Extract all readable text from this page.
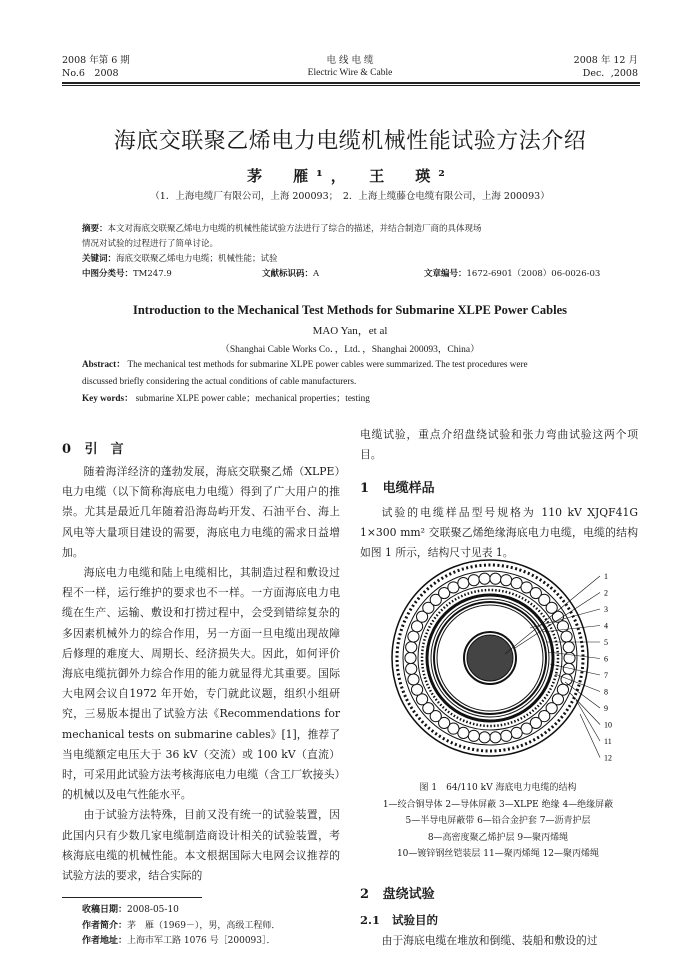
2008 年第 6 期
No.6　2008
电 线 电 缆
Electric Wire & Cable
2008 年 12 月
Dec．,2008
海底交联聚乙烯电力电缆机械性能试验方法介绍
茅　雁¹，　王　瑛²
（1．上海电缆厂有限公司，上海 200093；　2．上海上缆藤仓电缆有限公司，上海 200093）
摘要：本文对海底交联聚乙烯电力电缆的机械性能试验方法进行了综合的描述，并结合制造厂商的具体现场
情况对试验的过程进行了简单讨论。
关键词：海底交联聚乙烯电力电缆；机械性能；试验
中图分类号：TM247.9	文献标识码：A	文章编号：1672-6901（2008）06-0026-03
Introduction to the Mechanical Test Methods for Submarine XLPE Power Cables
MAO Yan，et al
（Shanghai Cable Works Co．，Ltd．，Shanghai 200093，China）
Abstract： The mechanical test methods for submarine XLPE power cables were summarized. The test procedures were
discussed briefly considering the actual conditions of cable manufacturers.
Key words： submarine XLPE power cable；mechanical properties；testing
0 引　言

随着海洋经济的蓬勃发展，海底交联聚乙烯（XLPE）电力电缆（以下简称海底电力电缆）得到了广大用户的推崇。尤其是最近几年随着沿海岛屿开发、石油平台、海上风电等大量项目建设的需要，海底电力电缆的需求日益增加。

海底电力电缆和陆上电缆相比，其制造过程和敷设过程不一样，运行维护的要求也不一样。一方面海底电力电缆在生产、运输、敷设和打捞过程中，会受到错综复杂的多因素机械外力的综合作用，另一方面一旦电缆出现故障后修理的难度大、周期长、经济损失大。因此，如何评价海底电缆抗御外力综合作用的能力就显得尤其重要。国际大电网会议自1972 年开始，专门就此议题，组织小组研究，三易版本提出了试验方法《Recommendations for mechanical tests on submarine cables》[1]，推荐了当电缆额定电压大于 36 kV（交流）或 100 kV（直流）时，可采用此试验方法考核海底电力电缆（含工厂软接头）的机械以及电气性能水平。

由于试验方法特殊，目前又没有统一的试验装置，因此国内只有少数几家电缆制造商设计相关的试验装置，考核海底电缆的机械性能。本文根据国际大电网会议推荐的试验方法的要求，结合实际的

收稿日期：2008-05-10
作者简介：茅　雁（1969－），男，高级工程师．
作者地址：上海市军工路 1076 号［200093］．
电缆试验，重点介绍盘绕试验和张力弯曲试验这两个项目。
1 电缆样品

试验的电缆样品型号规格为 110 kV XJQF41G 1×300 mm² 交联聚乙烯绝缘海底电力电缆，电缆的结构如图 1 所示，结构尺寸见表 1。

1
2
3
4
5
6
7
8
9
10
11
12
图 1　64/110 kV 海底电力电缆的结构
1—绞合铜导体 2—导体屏蔽 3—XLPE 绝缘 4—绝缘屏蔽
5—半导电屏蔽带 6—铅合金护套 7—沥青护层
8—高密度聚乙烯护层 9—聚丙烯绳
10—镀锌钢丝铠装层 11—聚丙烯绳 12—聚丙烯绳
2 盘绕试验
2.1 试验目的

由于海底电缆在堆放和倒缆、装船和敷设的过
